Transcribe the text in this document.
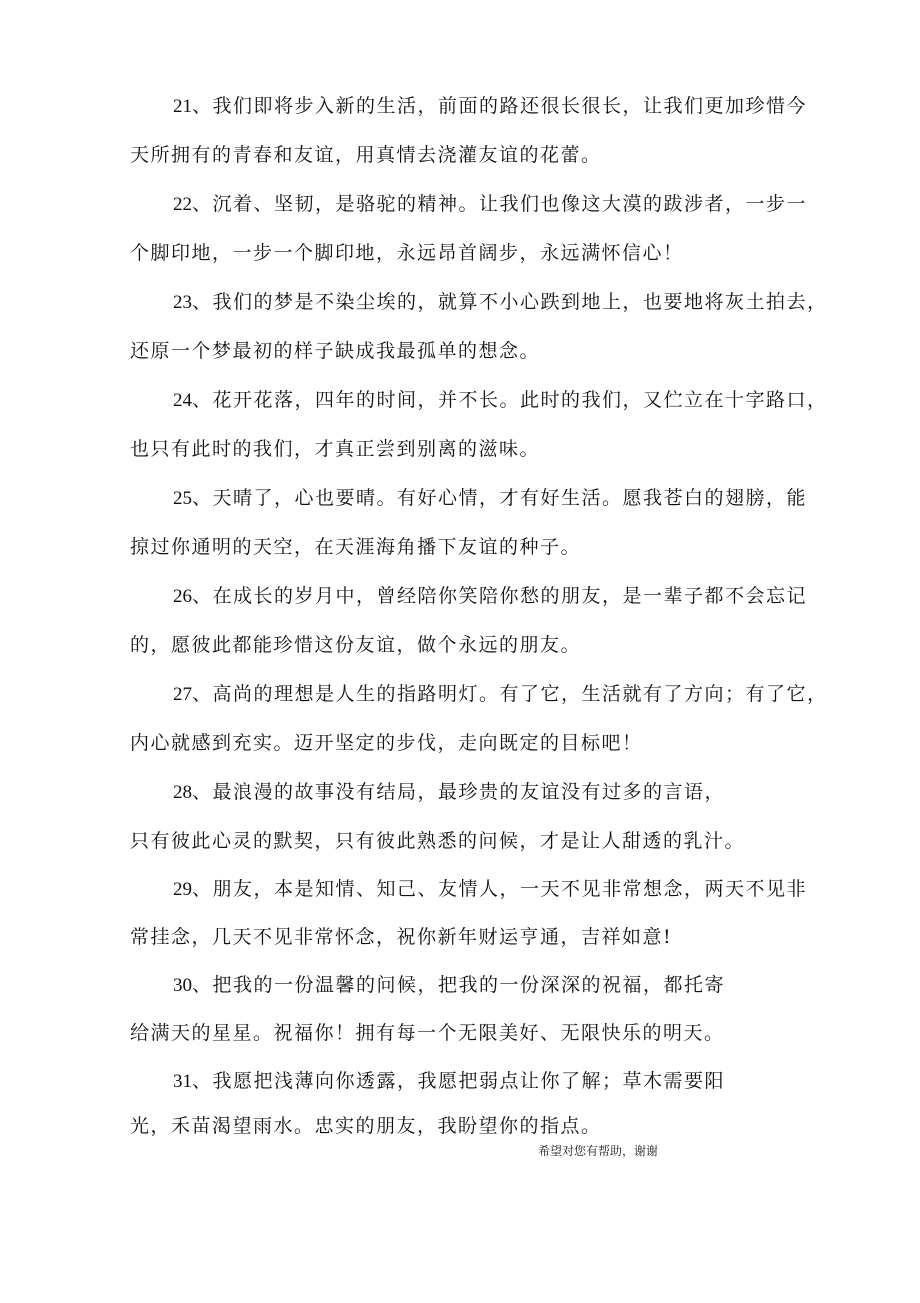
21、我们即将步入新的生活，前面的路还很长很长，让我们更加珍惜今
天所拥有的青春和友谊，用真情去浇灌友谊的花蕾。
22、沉着、坚韧，是骆驼的精神。让我们也像这大漠的跋涉者，一步一
个脚印地，一步一个脚印地，永远昂首阔步，永远满怀信心！
23、我们的梦是不染尘埃的，就算不小心跌到地上，也要地将灰土拍去，
还原一个梦最初的样子缺成我最孤单的想念。
24、花开花落，四年的时间，并不长。此时的我们，又伫立在十字路口，
也只有此时的我们，才真正尝到别离的滋味。
25、天晴了，心也要晴。有好心情，才有好生活。愿我苍白的翅膀，能
掠过你通明的天空，在天涯海角播下友谊的种子。
26、在成长的岁月中，曾经陪你笑陪你愁的朋友，是一辈子都不会忘记
的，愿彼此都能珍惜这份友谊，做个永远的朋友。
27、高尚的理想是人生的指路明灯。有了它，生活就有了方向；有了它，
内心就感到充实。迈开坚定的步伐，走向既定的目标吧！
28、最浪漫的故事没有结局，最珍贵的友谊没有过多的言语，
只有彼此心灵的默契，只有彼此熟悉的问候，才是让人甜透的乳汁。
29、朋友，本是知情、知己、友情人，一天不见非常想念，两天不见非
常挂念，几天不见非常怀念，祝你新年财运亨通，吉祥如意!
30、把我的一份温馨的问候，把我的一份深深的祝福，都托寄
给满天的星星。祝福你！拥有每一个无限美好、无限快乐的明天。
31、我愿把浅薄向你透露，我愿把弱点让你了解；草木需要阳
光，禾苗渴望雨水。忠实的朋友，我盼望你的指点。
希望对您有帮助，谢谢
